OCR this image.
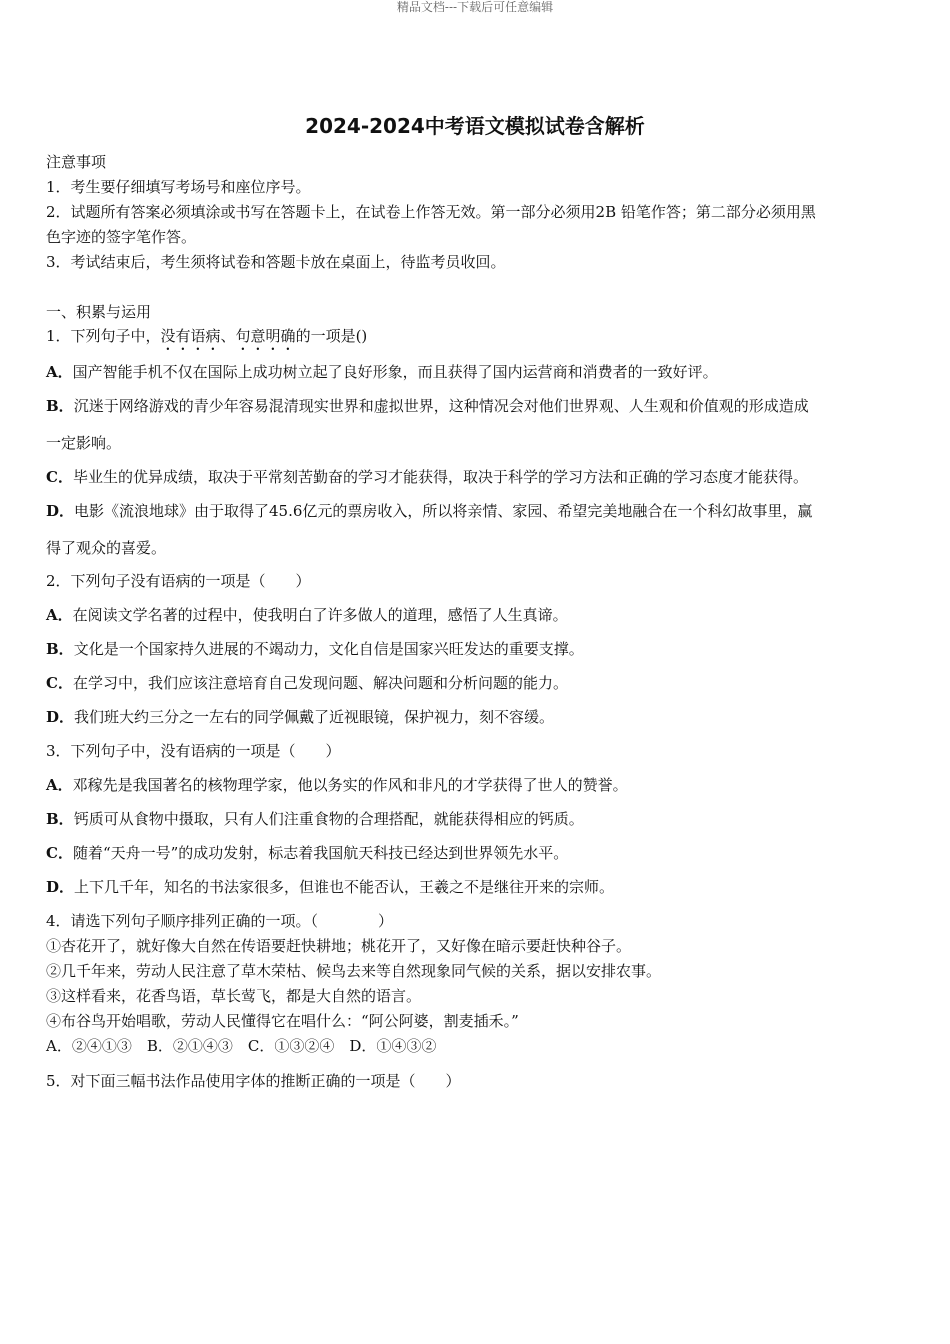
精品文档---下载后可任意编辑
2024-2024中考语文模拟试卷含解析
注意事项
1．考生要仔细填写考场号和座位序号。
2．试题所有答案必须填涂或书写在答题卡上，在试卷上作答无效。第一部分必须用2B 铅笔作答；第二部分必须用黑
色字迹的签字笔作答。
3．考试结束后，考生须将试卷和答题卡放在桌面上，待监考员收回。
一、积累与运用
1．下列句子中，没有语病、句意明确的一项是()
A．国产智能手机不仅在国际上成功树立起了良好形象，而且获得了国内运营商和消费者的一致好评。
B．沉迷于网络游戏的青少年容易混清现实世界和虚拟世界，这种情况会对他们世界观、人生观和价值观的形成造成
一定影响。
C．毕业生的优异成绩，取决于平常刻苦勤奋的学习才能获得，取决于科学的学习方法和正确的学习态度才能获得。
D．电影《流浪地球》由于取得了45.6亿元的票房收入，所以将亲情、家园、希望完美地融合在一个科幻故事里，赢
得了观众的喜爱。
2．下列句子没有语病的一项是（　　）
A．在阅读文学名著的过程中，使我明白了许多做人的道理，感悟了人生真谛。
B．文化是一个国家持久进展的不竭动力，文化自信是国家兴旺发达的重要支撑。
C．在学习中，我们应该注意培育自己发现问题、解决问题和分析问题的能力。
D．我们班大约三分之一左右的同学佩戴了近视眼镜，保护视力，刻不容缓。
3．下列句子中，没有语病的一项是（　　）
A．邓稼先是我国著名的核物理学家，他以务实的作风和非凡的才学获得了世人的赞誉。
B．钙质可从食物中摄取，只有人们注重食物的合理搭配，就能获得相应的钙质。
C．随着“天舟一号”的成功发射，标志着我国航天科技已经达到世界领先水平。
D．上下几千年，知名的书法家很多，但谁也不能否认，王羲之不是继往开来的宗师。
4．请选下列句子顺序排列正确的一项。（　　　　）
①杏花开了，就好像大自然在传语要赶快耕地；桃花开了，又好像在暗示要赶快种谷子。
②几千年来，劳动人民注意了草木荣枯、候鸟去来等自然现象同气候的关系，据以安排农事。
③这样看来，花香鸟语，草长莺飞，都是大自然的语言。
④布谷鸟开始唱歌，劳动人民懂得它在唱什么：“阿公阿婆，割麦插禾。”
A．②④①③　B．②①④③　C．①③②④　D．①④③②
5．对下面三幅书法作品使用字体的推断正确的一项是（　　）
